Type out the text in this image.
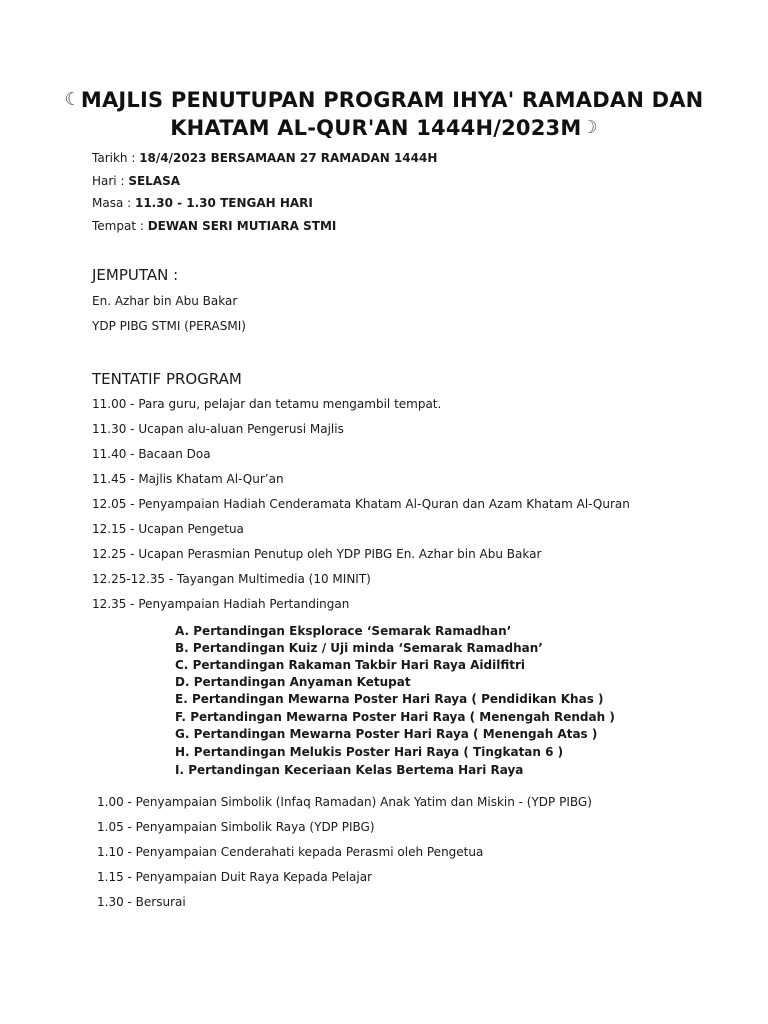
☾MAJLIS PENUTUPAN PROGRAM IHYA' RAMADAN DAN
KHATAM AL-QUR'AN 1444H/2023M☽
Tarikh : 18/4/2023 BERSAMAAN 27 RAMADAN 1444H
Hari : SELASA
Masa : 11.30 - 1.30 TENGAH HARI
Tempat : DEWAN SERI MUTIARA STMI
JEMPUTAN :
En. Azhar bin Abu Bakar
YDP PIBG STMI (PERASMI)
TENTATIF PROGRAM
11.00 - Para guru, pelajar dan tetamu mengambil tempat.
11.30 - Ucapan alu-aluan Pengerusi Majlis
11.40 - Bacaan Doa
11.45 - Majlis Khatam Al-Qur’an
12.05 - Penyampaian Hadiah Cenderamata Khatam Al-Quran dan Azam Khatam Al-Quran
12.15 - Ucapan Pengetua
12.25 - Ucapan Perasmian Penutup oleh YDP PIBG En. Azhar bin Abu Bakar
12.25-12.35 - Tayangan Multimedia (10 MINIT)
12.35 - Penyampaian Hadiah Pertandingan
A. Pertandingan Eksplorace ‘Semarak Ramadhan’
B. Pertandingan Kuiz / Uji minda ‘Semarak Ramadhan’
C. Pertandingan Rakaman Takbir Hari Raya Aidilfitri
D. Pertandingan Anyaman Ketupat
E. Pertandingan Mewarna Poster Hari Raya ( Pendidikan Khas )
F. Pertandingan Mewarna Poster Hari Raya ( Menengah Rendah )
G. Pertandingan Mewarna Poster Hari Raya ( Menengah Atas )
H. Pertandingan Melukis Poster Hari Raya ( Tingkatan 6 )
I. Pertandingan Keceriaan Kelas Bertema Hari Raya
1.00 - Penyampaian Simbolik (Infaq Ramadan) Anak Yatim dan Miskin - (YDP PIBG)
1.05 - Penyampaian Simbolik Raya (YDP PIBG)
1.10 - Penyampaian Cenderahati kepada Perasmi oleh Pengetua
1.15 - Penyampaian Duit Raya Kepada Pelajar
1.30 - Bersurai
